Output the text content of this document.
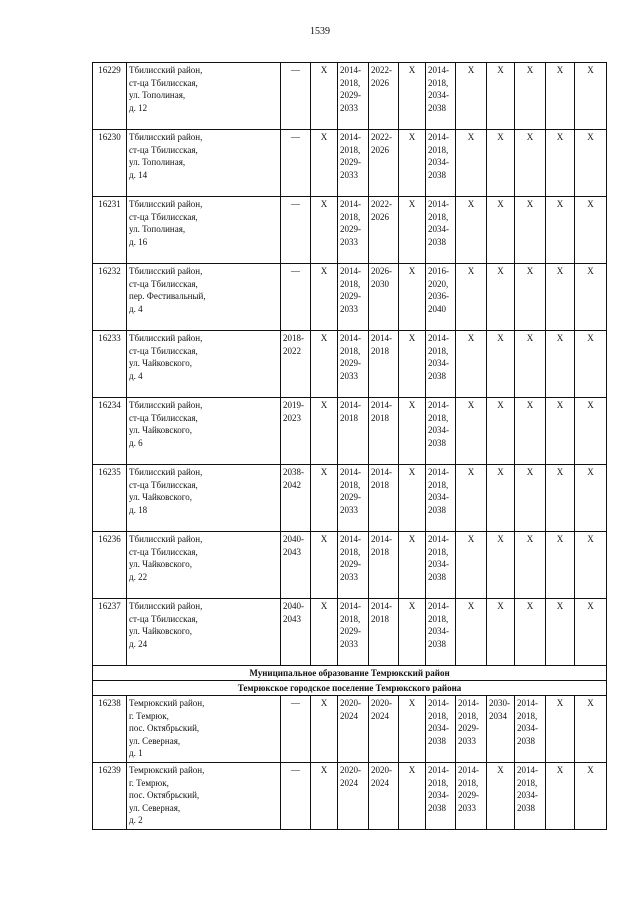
1539
16229	Тбилисский район,
ст-ца Тбилисская,
ул. Тополиная,
д. 12	—	X	2014-
2018,
2029-
2033	2022-
2026	X	2014-
2018,
2034-
2038	X	X	X	X	X

16230	Тбилисский район,
ст-ца Тбилисская,
ул. Тополиная,
д. 14	—	X	2014-
2018,
2029-
2033	2022-
2026	X	2014-
2018,
2034-
2038	X	X	X	X	X

16231	Тбилисский район,
ст-ца Тбилисская,
ул. Тополиная,
д. 16	—	X	2014-
2018,
2029-
2033	2022-
2026	X	2014-
2018,
2034-
2038	X	X	X	X	X

16232	Тбилисский район,
ст-ца Тбилисская,
пер. Фестивальный,
д. 4	—	X	2014-
2018,
2029-
2033	2026-
2030	X	2016-
2020,
2036-
2040	X	X	X	X	X

16233	Тбилисский район,
ст-ца Тбилисская,
ул. Чайковского,
д. 4	2018-
2022	X	2014-
2018,
2029-
2033	2014-
2018	X	2014-
2018,
2034-
2038	X	X	X	X	X

16234	Тбилисский район,
ст-ца Тбилисская,
ул. Чайковского,
д. 6	2019-
2023	X	2014-
2018	2014-
2018	X	2014-
2018,
2034-
2038	X	X	X	X	X

16235	Тбилисский район,
ст-ца Тбилисская,
ул. Чайковского,
д. 18	2038-
2042	X	2014-
2018,
2029-
2033	2014-
2018	X	2014-
2018,
2034-
2038	X	X	X	X	X

16236	Тбилисский район,
ст-ца Тбилисская,
ул. Чайковского,
д. 22	2040-
2043	X	2014-
2018,
2029-
2033	2014-
2018	X	2014-
2018,
2034-
2038	X	X	X	X	X

16237	Тбилисский район,
ст-ца Тбилисская,
ул. Чайковского,
д. 24	2040-
2043	X	2014-
2018,
2029-
2033	2014-
2018	X	2014-
2018,
2034-
2038	X	X	X	X	X

Муниципальное образование Темрюкский район												
Темрюкское городское поселение Темрюкского района												
16238	Темрюкский район,
г. Темрюк,
пос. Октябрьский,
ул. Северная,
д. 1	—	X	2020-
2024	2020-
2024	X	2014-
2018,
2034-
2038	2014-
2018,
2029-
2033	2030-
2034	2014-
2018,
2034-
2038	X	X

16239	Темрюкский район,
г. Темрюк,
пос. Октябрьский,
ул. Северная,
д. 2	—	X	2020-
2024	2020-
2024	X	2014-
2018,
2034-
2038	2014-
2018,
2029-
2033	X	2014-
2018,
2034-
2038	X	X
